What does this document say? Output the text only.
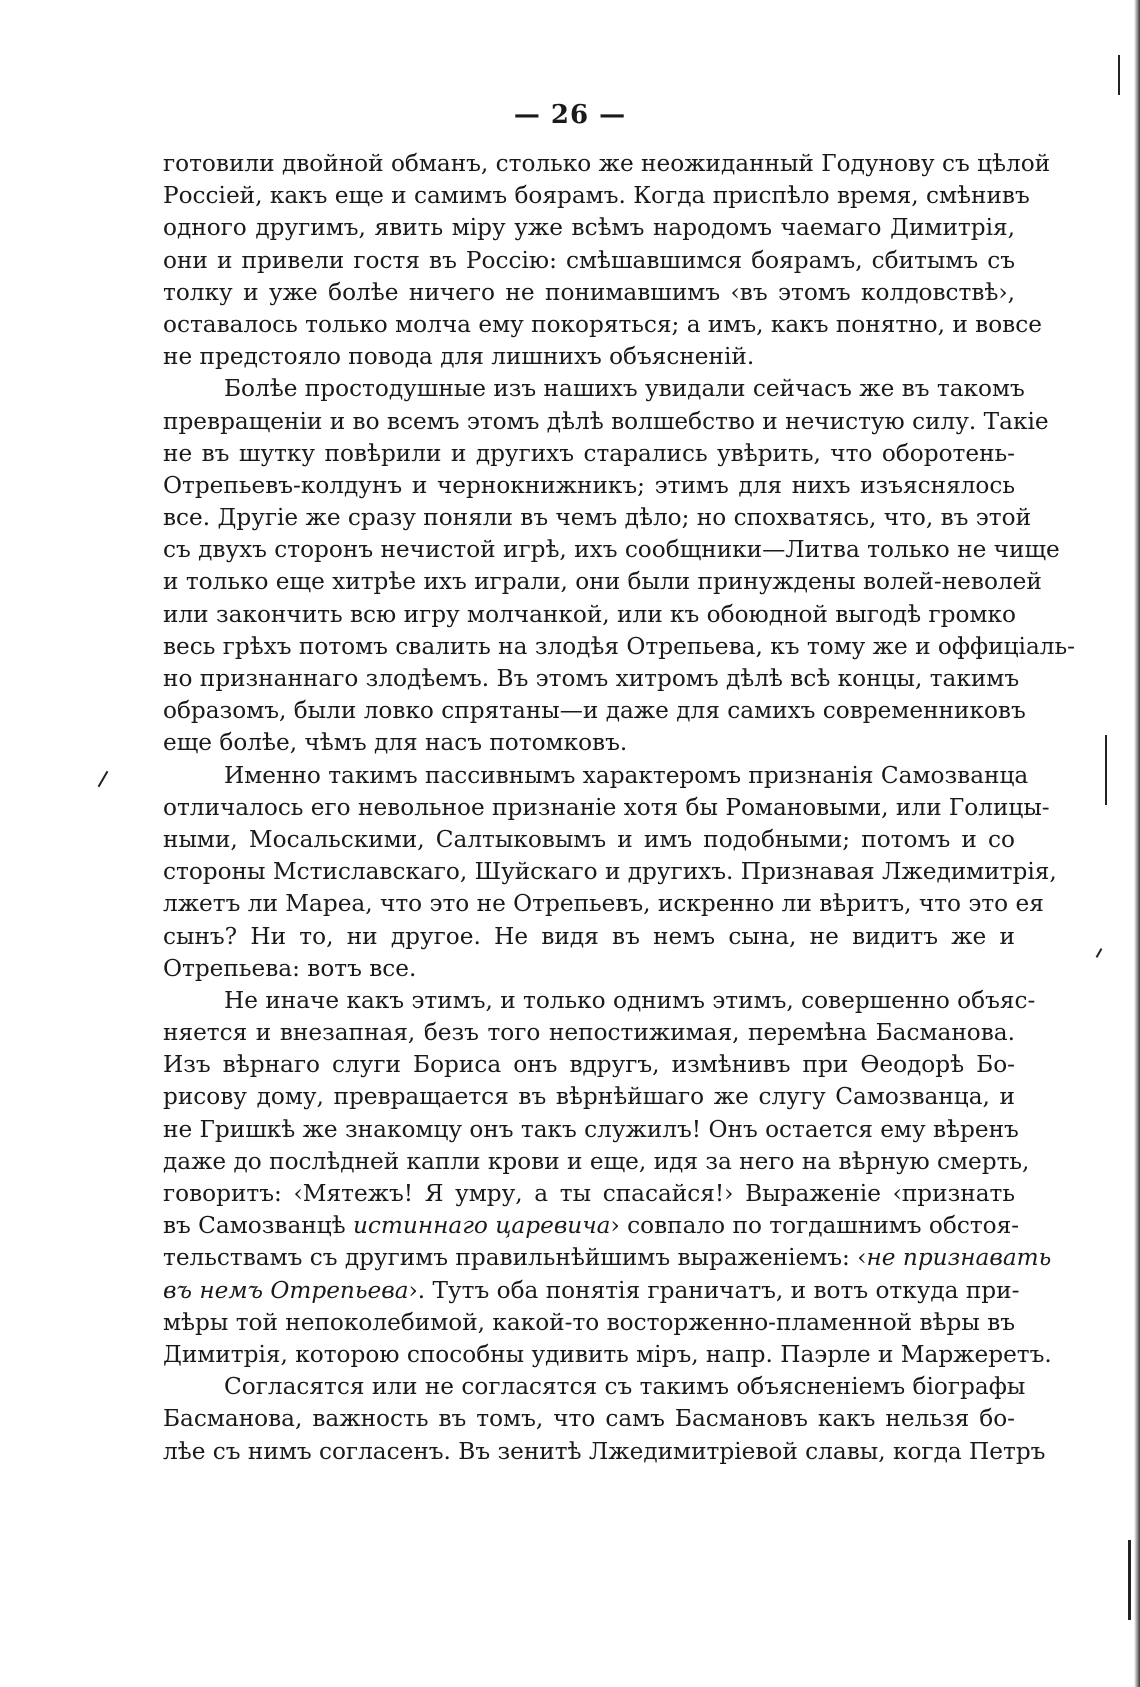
— 26 —
готовили двойной обманъ, столько же неожиданный Годунову съ цѣлой
Россіей, какъ еще и самимъ боярамъ. Когда приспѣло время, смѣнивъ
одного другимъ, явить міру уже всѣмъ народомъ чаемаго Димитрія,
они и привели гостя въ Россію: смѣшавшимся боярамъ, сбитымъ съ
толку и уже болѣе ничего не понимавшимъ ‹въ этомъ колдовствѣ›,
оставалось только молча ему покоряться; а имъ, какъ понятно, и вовсе
не предстояло повода для лишнихъ объясненій.
Болѣе простодушные изъ нашихъ увидали сейчасъ же въ такомъ
превращеніи и во всемъ этомъ дѣлѣ волшебство и нечистую силу. Такіе
не въ шутку повѣрили и другихъ старались увѣрить, что оборотень-
Отрепьевъ-колдунъ и чернокнижникъ; этимъ для нихъ изъяснялось
все. Другіе же сразу поняли въ чемъ дѣло; но спохватясь, что, въ этой
съ двухъ сторонъ нечистой игрѣ, ихъ сообщники—Литва только не чище
и только еще хитрѣе ихъ играли, они были принуждены волей-неволей
или закончить всю игру молчанкой, или къ обоюдной выгодѣ громко
весь грѣхъ потомъ свалить на злодѣя Отрепьева, къ тому же и оффиціаль-
но признаннаго злодѣемъ. Въ этомъ хитромъ дѣлѣ всѣ концы, такимъ
образомъ, были ловко спрятаны—и даже для самихъ современниковъ
еще болѣе, чѣмъ для насъ потомковъ.
Именно такимъ пассивнымъ характеромъ признанія Самозванца
отличалось его невольное признаніе хотя бы Романовыми, или Голицы-
ными, Мосальскими, Салтыковымъ и имъ подобными; потомъ и со
стороны Мстиславскаго, Шуйскаго и другихъ. Признавая Лжедимитрія,
лжетъ ли Мареа, что это не Отрепьевъ, искренно ли вѣритъ, что это ея
сынъ? Ни то, ни другое. Не видя въ немъ сына, не видитъ же и
Отрепьева: вотъ все.
Не иначе какъ этимъ, и только однимъ этимъ, совершенно объяс-
няется и внезапная, безъ того непостижимая, перемѣна Басманова.
Изъ вѣрнаго слуги Бориса онъ вдругъ, измѣнивъ при Өеодорѣ Бо-
рисову дому, превращается въ вѣрнѣйшаго же слугу Самозванца, и
не Гришкѣ же знакомцу онъ такъ служилъ! Онъ остается ему вѣренъ
даже до послѣдней капли крови и еще, идя за него на вѣрную смерть,
говоритъ: ‹Мятежъ! Я умру, а ты спасайся!› Выраженіе ‹признать
въ Самозванцѣ истиннаго царевича› совпало по тогдашнимъ обстоя-
тельствамъ съ другимъ правильнѣйшимъ выраженіемъ: ‹не признавать
въ немъ Отрепьева›. Тутъ оба понятія граничатъ, и вотъ откуда при-
мѣры той непоколебимой, какой-то восторженно-пламенной вѣры въ
Димитрія, которою способны удивить міръ, напр. Паэрле и Маржеретъ.
Согласятся или не согласятся съ такимъ объясненіемъ біографы
Басманова, важность въ томъ, что самъ Басмановъ какъ нельзя бо-
лѣе съ нимъ согласенъ. Въ зенитѣ Лжедимитріевой славы, когда Петръ
